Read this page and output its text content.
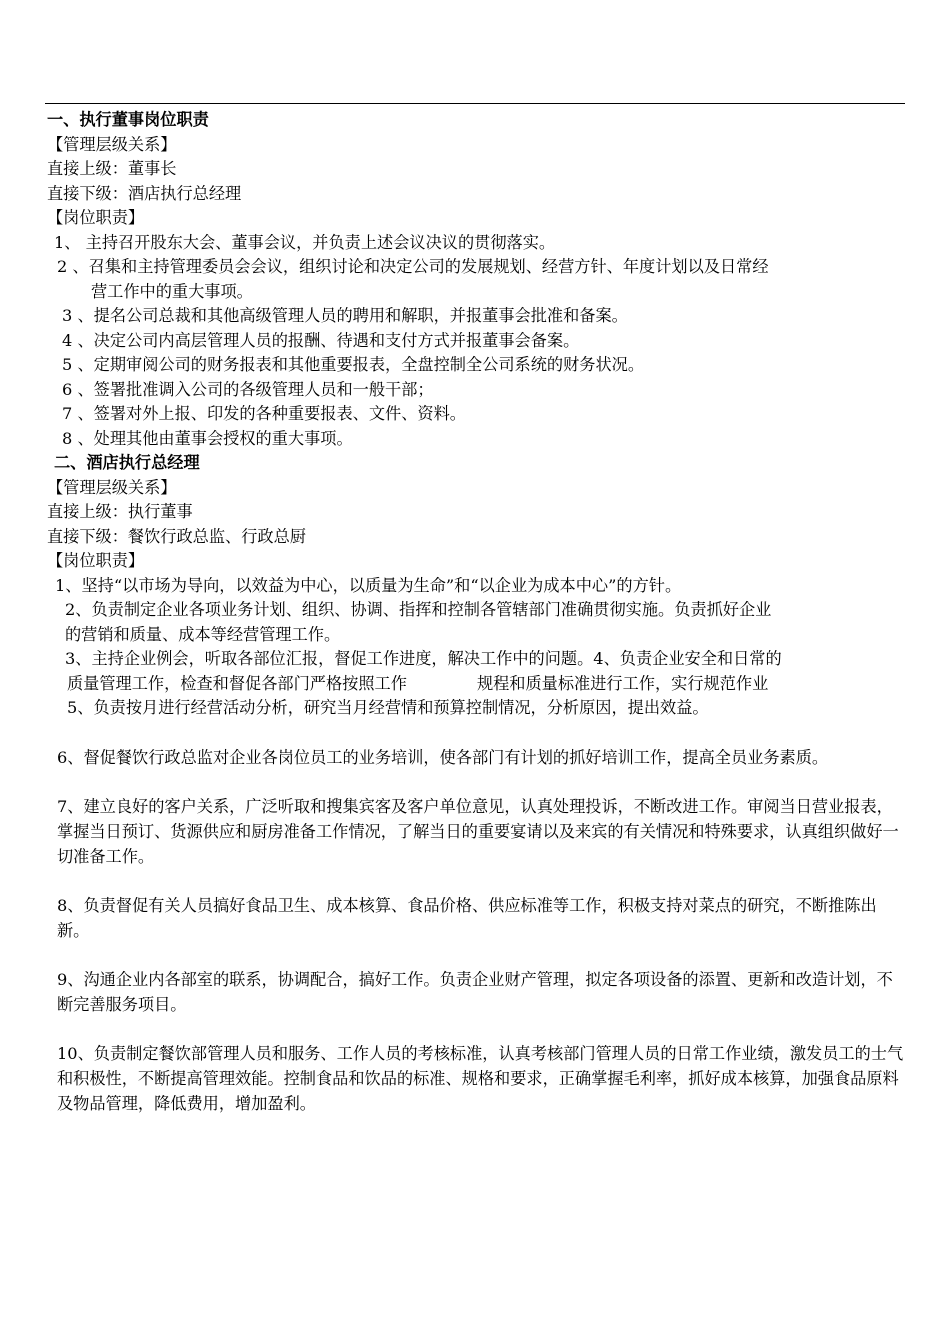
一、执行董事岗位职责
【管理层级关系】
直接上级：董事长
直接下级：酒店执行总经理
【岗位职责】
1、 主持召开股东大会、董事会议，并负责上述会议决议的贯彻落实。
2 、召集和主持管理委员会会议，组织讨论和决定公司的发展规划、经营方针、年度计划以及日常经
营工作中的重大事项。
3 、提名公司总裁和其他高级管理人员的聘用和解职，并报董事会批准和备案。
4 、决定公司内高层管理人员的报酬、待遇和支付方式并报董事会备案。
5 、定期审阅公司的财务报表和其他重要报表，全盘控制全公司系统的财务状况。
6 、签署批准调入公司的各级管理人员和一般干部；
7 、签署对外上报、印发的各种重要报表、文件、资料。
8 、处理其他由董事会授权的重大事项。
二、酒店执行总经理
【管理层级关系】
直接上级：执行董事
直接下级：餐饮行政总监、行政总厨
【岗位职责】
1、坚持“以市场为导向，以效益为中心，以质量为生命”和“以企业为成本中心”的方针。
2、负责制定企业各项业务计划、组织、协调、指挥和控制各管辖部门准确贯彻实施。负责抓好企业
的营销和质量、成本等经营管理工作。
3、主持企业例会，听取各部位汇报，督促工作进度，解决工作中的问题。4、负责企业安全和日常的
质量管理工作，检查和督促各部门严格按照工作	规程和质量标准进行工作，实行规范作业
5、负责按月进行经营活动分析，研究当月经营情和预算控制情况，分析原因，提出效益。
6、督促餐饮行政总监对企业各岗位员工的业务培训，使各部门有计划的抓好培训工作，提高全员业务素质。
7、建立良好的客户关系，广泛听取和搜集宾客及客户单位意见，认真处理投诉，不断改进工作。审阅当日营业报表，掌握当日预订、货源供应和厨房准备工作情况，了解当日的重要宴请以及来宾的有关情况和特殊要求，认真组织做好一切准备工作。
8、负责督促有关人员搞好食品卫生、成本核算、食品价格、供应标准等工作，积极支持对菜点的研究，不断推陈出新。
9、沟通企业内各部室的联系，协调配合，搞好工作。负责企业财产管理，拟定各项设备的添置、更新和改造计划，不断完善服务项目。
10、负责制定餐饮部管理人员和服务、工作人员的考核标准，认真考核部门管理人员的日常工作业绩，激发员工的士气和积极性，不断提高管理效能。控制食品和饮品的标准、规格和要求，正确掌握毛利率，抓好成本核算，加强食品原料及物品管理，降低费用，增加盈利。
